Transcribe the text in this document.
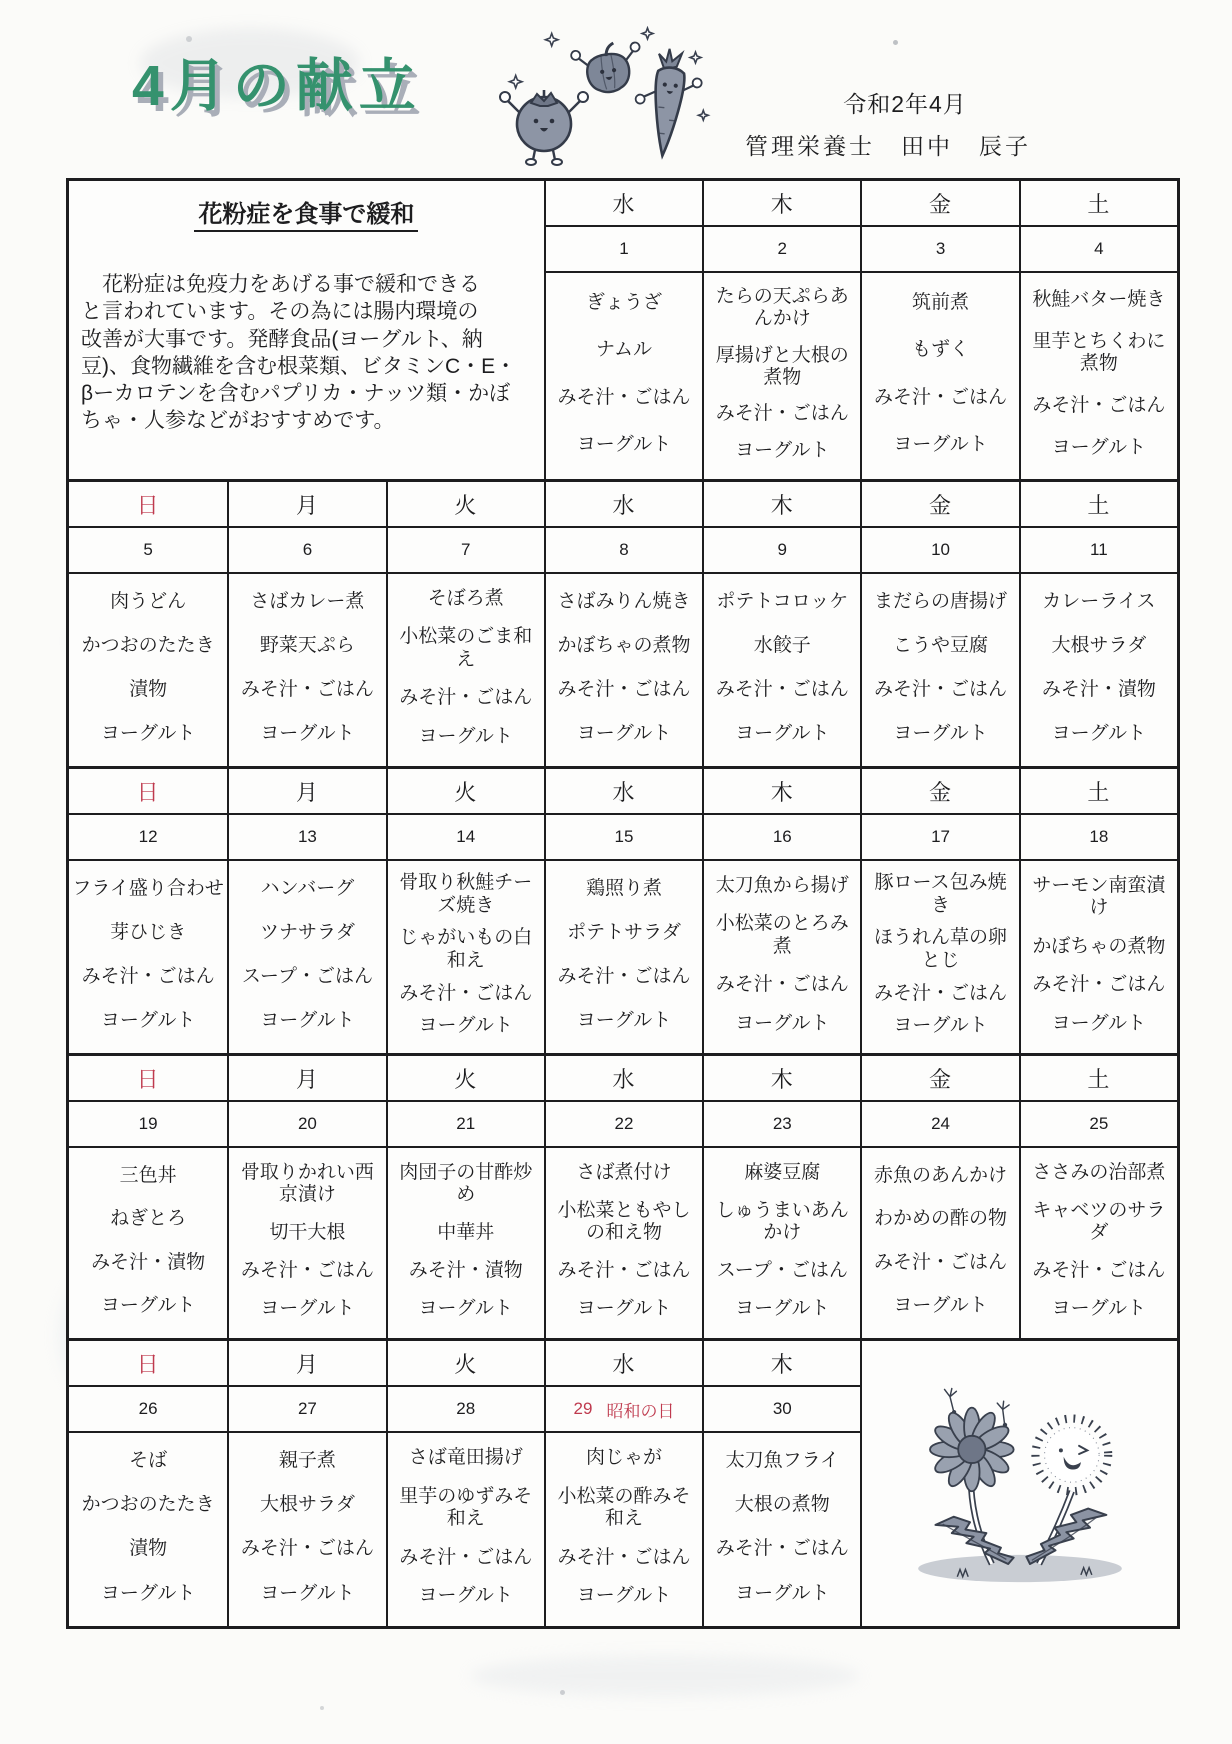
4月の献立	令和2年4月
管理栄養士　田中　辰子
花粉症を食事で緩和
　花粉症は免疫力をあげる事で緩和できる
と言われています。その為には腸内環境の
改善が大事です。発酵食品(ヨーグルト、納
豆)、食物繊維を含む根菜類、ビタミンC・E・
βーカロテンを含むパプリカ・ナッツ類・かぼ
ちゃ・人参などがおすすめです。
水
1
ぎょうざ
ナムル
みそ汁・ごはん
ヨーグルト
木
2
たらの天ぷらあんかけ
厚揚げと大根の煮物
みそ汁・ごはん
ヨーグルト
金
3
筑前煮
もずく
みそ汁・ごはん
ヨーグルト
土
4
秋鮭バター焼き
里芋とちくわに煮物
みそ汁・ごはん
ヨーグルト
日
5
肉うどん
かつおのたたき
漬物
ヨーグルト
月
6
さばカレー煮
野菜天ぷら
みそ汁・ごはん
ヨーグルト
火
7
そぼろ煮
小松菜のごま和え
みそ汁・ごはん
ヨーグルト
水
8
さばみりん焼き
かぼちゃの煮物
みそ汁・ごはん
ヨーグルト
木
9
ポテトコロッケ
水餃子
みそ汁・ごはん
ヨーグルト
金
10
まだらの唐揚げ
こうや豆腐
みそ汁・ごはん
ヨーグルト
土
11
カレーライス
大根サラダ
みそ汁・漬物
ヨーグルト
日
12
フライ盛り合わせ
芽ひじき
みそ汁・ごはん
ヨーグルト
月
13
ハンバーグ
ツナサラダ
スープ・ごはん
ヨーグルト
火
14
骨取り秋鮭チーズ焼き
じゃがいもの白和え
みそ汁・ごはん
ヨーグルト
水
15
鶏照り煮
ポテトサラダ
みそ汁・ごはん
ヨーグルト
木
16
太刀魚から揚げ
小松菜のとろみ煮
みそ汁・ごはん
ヨーグルト
金
17
豚ロース包み焼き
ほうれん草の卵とじ
みそ汁・ごはん
ヨーグルト
土
18
サーモン南蛮漬け
かぼちゃの煮物
みそ汁・ごはん
ヨーグルト
日
19
三色丼
ねぎとろ
みそ汁・漬物
ヨーグルト
月
20
骨取りかれい西京漬け
切干大根
みそ汁・ごはん
ヨーグルト
火
21
肉団子の甘酢炒め
中華丼
みそ汁・漬物
ヨーグルト
水
22
さば煮付け
小松菜ともやしの和え物
みそ汁・ごはん
ヨーグルト
木
23
麻婆豆腐
しゅうまいあんかけ
スープ・ごはん
ヨーグルト
金
24
赤魚のあんかけ
わかめの酢の物
みそ汁・ごはん
ヨーグルト
土
25
ささみの治部煮
キャベツのサラダ
みそ汁・ごはん
ヨーグルト
日
26
そば
かつおのたたき
漬物
ヨーグルト
月
27
親子煮
大根サラダ
みそ汁・ごはん
ヨーグルト
火
28
さば竜田揚げ
里芋のゆずみそ和え
みそ汁・ごはん
ヨーグルト
水
29 昭和の日
肉じゃが
小松菜の酢みそ和え
みそ汁・ごはん
ヨーグルト
木
30
太刀魚フライ
大根の煮物
みそ汁・ごはん
ヨーグルト
